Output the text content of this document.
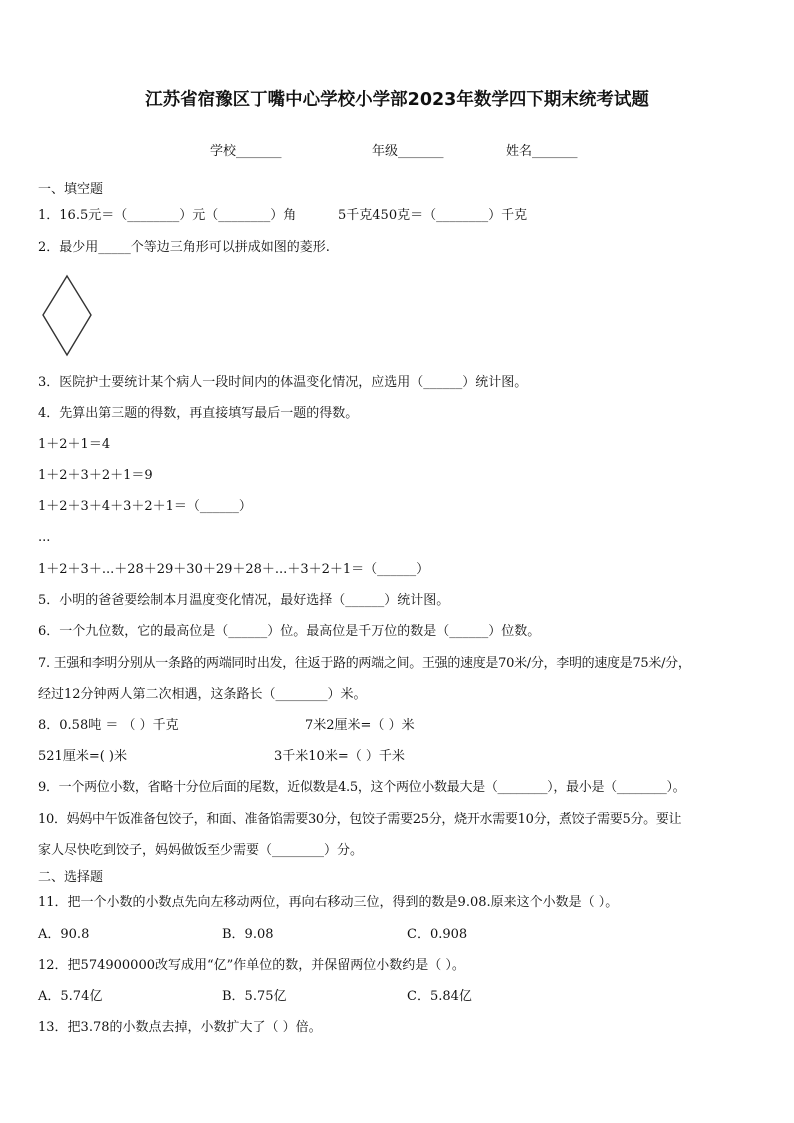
江苏省宿豫区丁嘴中心学校小学部2023年数学四下期末统考试题
学校_______	年级_______	姓名_______
一、填空题
1．16.5元＝（________）元（________）角	5千克450克＝（________）千克
2．最少用_____个等边三角形可以拼成如图的菱形.
3．医院护士要统计某个病人一段时间内的体温变化情况，应选用（______）统计图。
4．先算出第三题的得数，再直接填写最后一题的得数。
1＋2＋1＝4
1＋2＋3＋2＋1＝9
1＋2＋3＋4＋3＋2＋1＝（______）
...
1＋2＋3＋...＋28＋29＋30＋29＋28＋...＋3＋2＋1＝（______）
5．小明的爸爸要绘制本月温度变化情况，最好选择（______）统计图。
6．一个九位数，它的最高位是（______）位。最高位是千万位的数是（______）位数。
7. 王强和李明分别从一条路的两端同时出发，往返于路的两端之间。王强的速度是70米/分，李明的速度是75米/分，
经过12分钟两人第二次相遇，这条路长（________）米。
8．0.58吨 ＝ （ ）千克	7米2厘米=（ ）米
521厘米=( )米	3千米10米=（ ）千米
9．一个两位小数，省略十分位后面的尾数，近似数是4.5，这个两位小数最大是（________），最小是（________）。
10．妈妈中午饭准备包饺子，和面、准备馅需要30分，包饺子需要25分，烧开水需要10分，煮饺子需要5分。要让
家人尽快吃到饺子，妈妈做饭至少需要（________）分。
二、选择题
11．把一个小数的小数点先向左移动两位，再向右移动三位，得到的数是9.08.原来这个小数是（ ）。
A．90.8	B．9.08	C．0.908
12．把574900000改写成用“亿”作单位的数，并保留两位小数约是（ ）。
A．5.74亿	B．5.75亿	C．5.84亿
13．把3.78的小数点去掉，小数扩大了（ ）倍。
